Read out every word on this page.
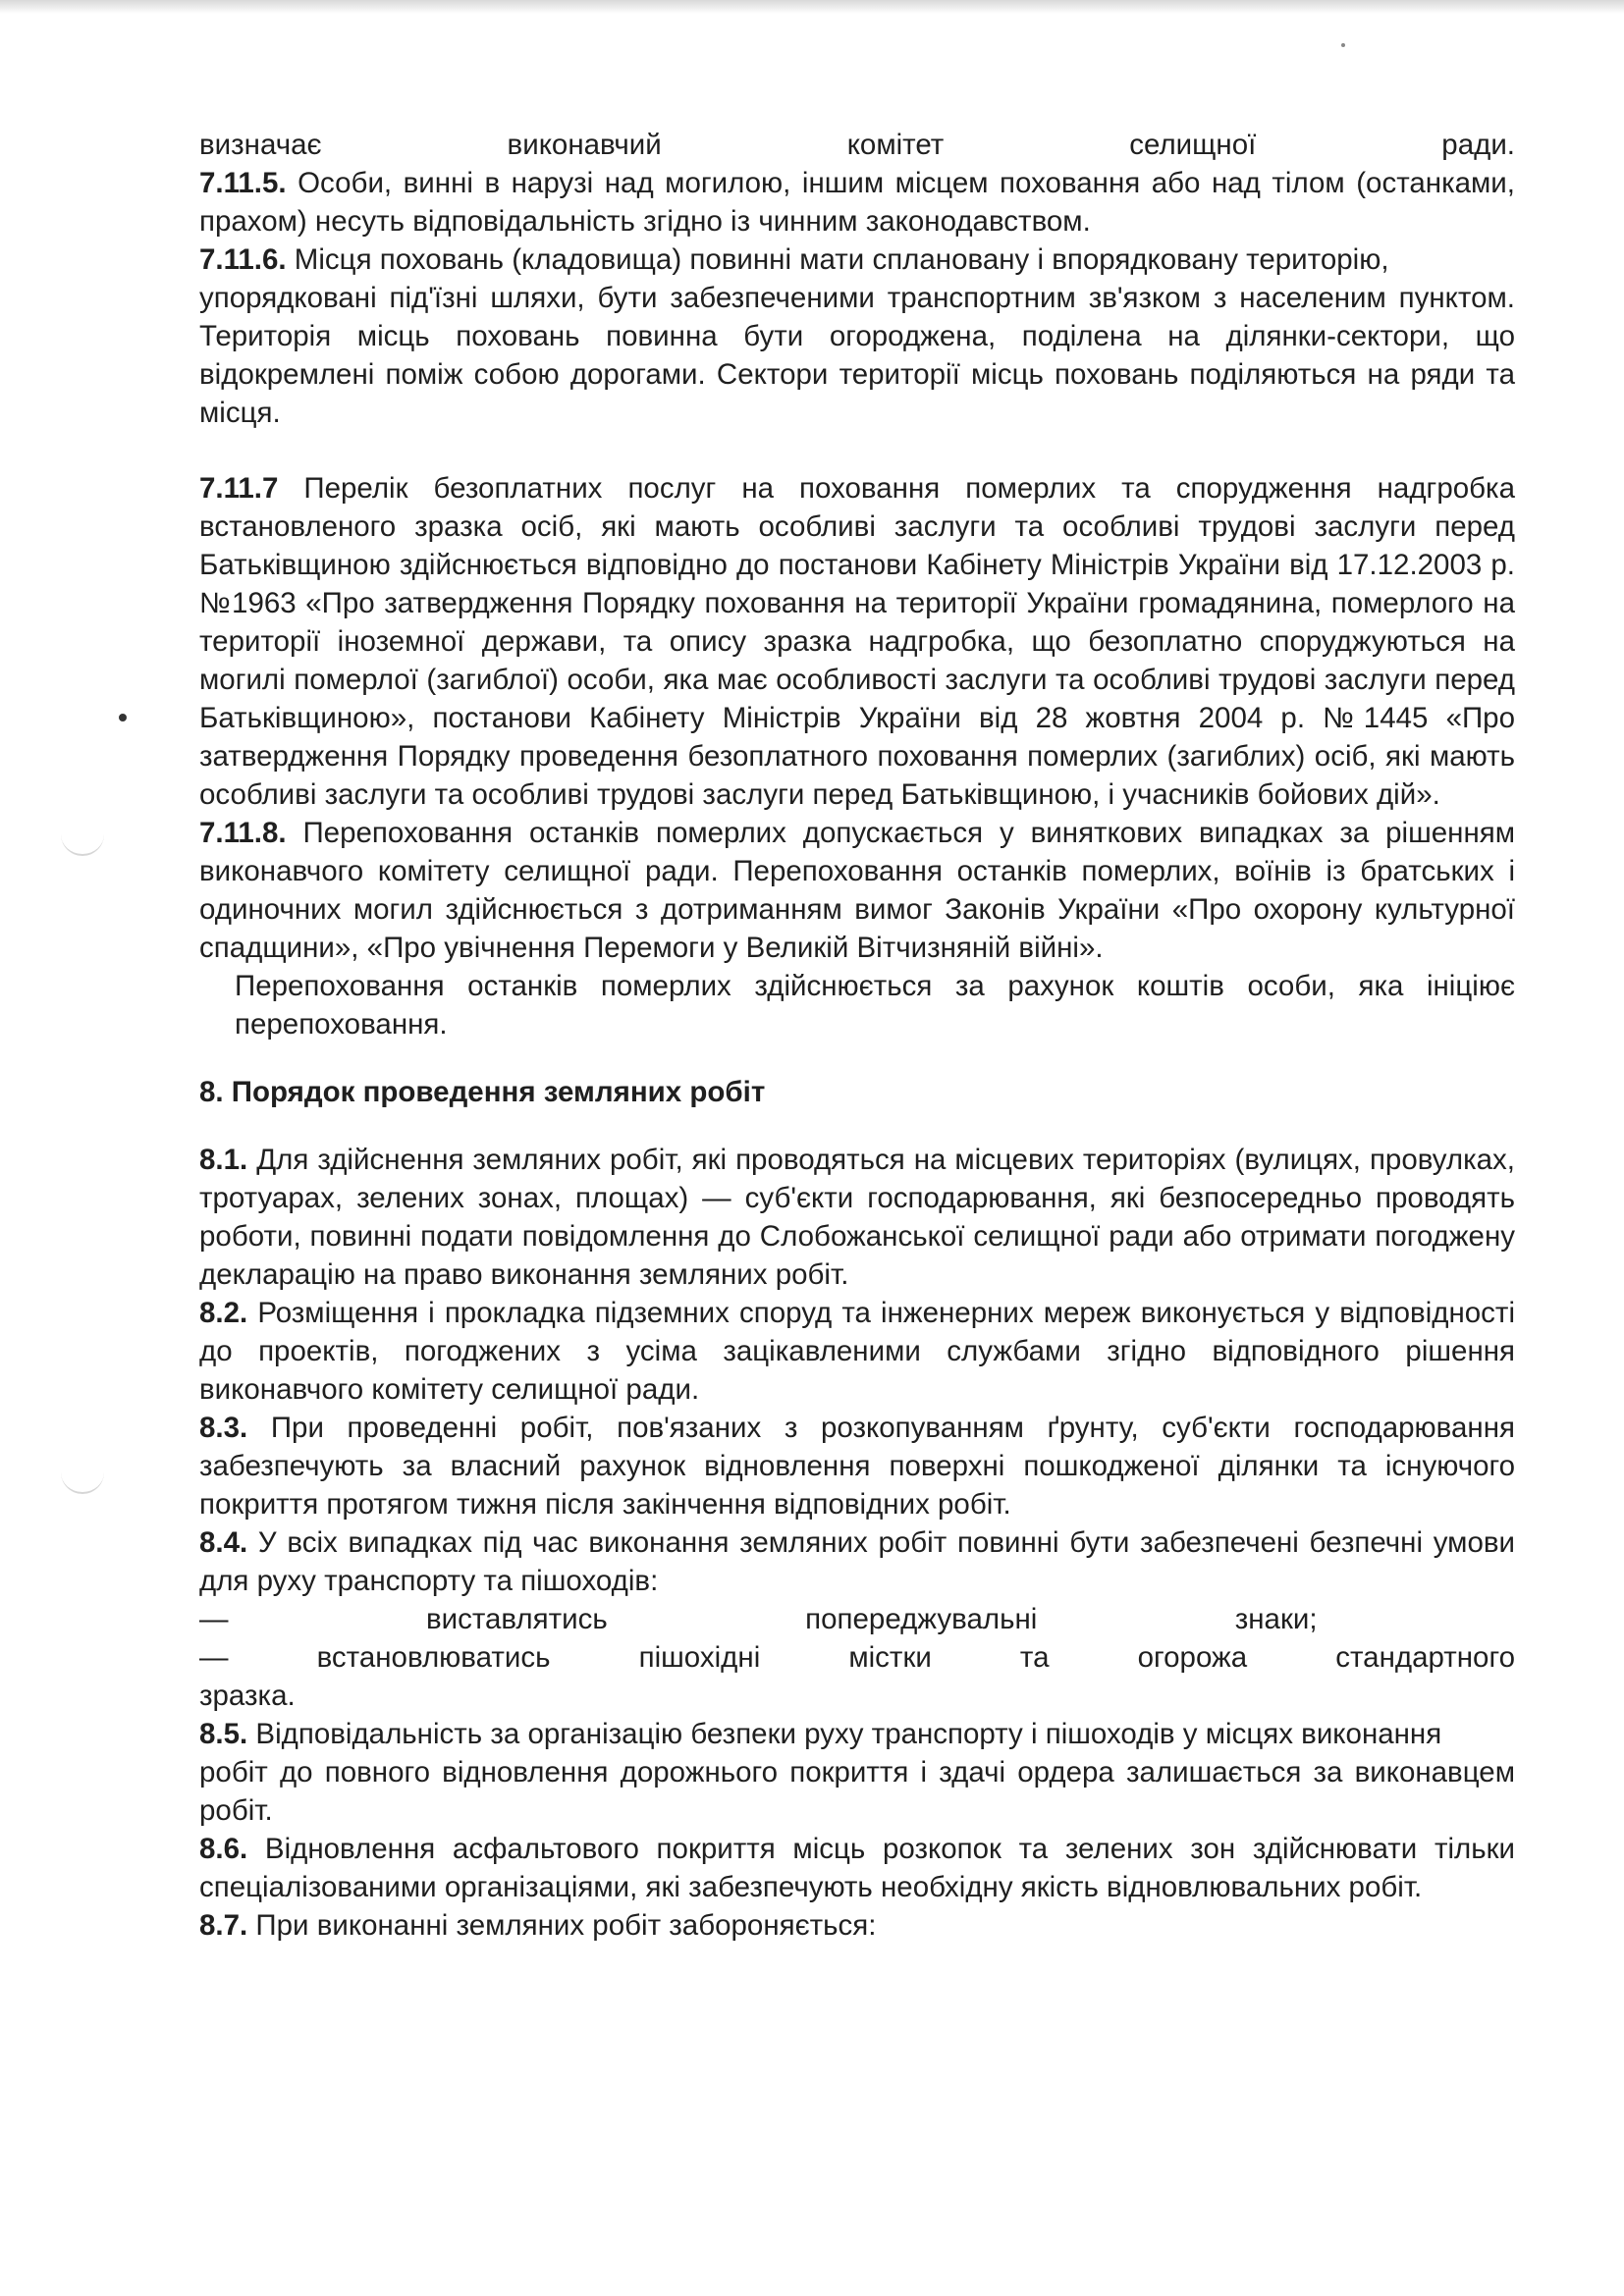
визначає виконавчий комітет селищної ради.

7.11.5. Особи, винні в нарузі над могилою, іншим місцем поховання або над тілом (останками, прахом) несуть відповідальність згідно із чинним законодавством.

7.11.6. Місця поховань (кладовища) повинні мати сплановану і впорядковану територію,

упорядковані під'їзні шляхи, бути забезпеченими транспортним зв'язком з населеним пунктом. Територія місць поховань повинна бути огороджена, поділена на ділянки-сектори, що відокремлені поміж собою дорогами. Сектори території місць поховань поділяються на ряди та місця.

7.11.7 Перелік безоплатних послуг на поховання померлих та спорудження надгробка встановленого зразка осіб, які мають особливі заслуги та особливі трудові заслуги перед Батьківщиною здійснюється відповідно до постанови Кабінету Міністрів України від 17.12.2003 р. №1963 «Про затвердження Порядку поховання на території України громадянина, померлого на території іноземної держави, та опису зразка надгробка, що безоплатно споруджуються на могилі померлої (загиблої) особи, яка має особливості заслуги та особливі трудові заслуги перед Батьківщиною», постанови Кабінету Міністрів України від 28 жовтня 2004 р. №1445 «Про затвердження Порядку проведення безоплатного поховання померлих (загиблих) осіб, які мають особливі заслуги та особливі трудові заслуги перед Батьківщиною, і учасників бойових дій».

7.11.8. Перепоховання останків померлих допускається у виняткових випадках за рішенням виконавчого комітету селищної ради. Перепоховання останків померлих, воїнів із братських і одиночних могил здійснюється з дотриманням вимог Законів України «Про охорону культурної спадщини», «Про увічнення Перемоги у Великій Вітчизняній війні».

Перепоховання останків померлих здійснюється за рахунок коштів особи, яка ініціює перепоховання.

8. Порядок проведення земляних робіт

8.1. Для здійснення земляних робіт, які проводяться на місцевих територіях (вулицях, провулках, тротуарах, зелених зонах, площах) — суб'єкти господарювання, які безпосередньо проводять роботи, повинні подати повідомлення до Слобожанської селищної ради або отримати погоджену декларацію на право виконання земляних робіт.

8.2. Розміщення і прокладка підземних споруд та інженерних мереж виконується у відповідності до проектів, погоджених з усіма зацікавленими службами згідно відповідного рішення виконавчого комітету селищної ради.

8.3. При проведенні робіт, пов'язаних з розкопуванням ґрунту, суб'єкти господарювання забезпечують за власний рахунок відновлення поверхні пошкодженої ділянки та існуючого покриття протягом тижня після закінчення відповідних робіт.

8.4. У всіх випадках під час виконання земляних робіт повинні бути забезпечені безпечні умови для руху транспорту та пішоходів:

—	виставлятись	попереджувальні	знаки;
—	встановлюватись	пішохідні	містки	та	огорожа	стандартного

зразка.

8.5. Відповідальність за організацію безпеки руху транспорту і пішоходів у місцях виконання

робіт до повного відновлення дорожнього покриття і здачі ордера залишається за виконавцем робіт.

8.6. Відновлення асфальтового покриття місць розкопок та зелених зон здійснювати тільки спеціалізованими організаціями, які забезпечують необхідну якість відновлювальних робіт.

8.7. При виконанні земляних робіт забороняється:
